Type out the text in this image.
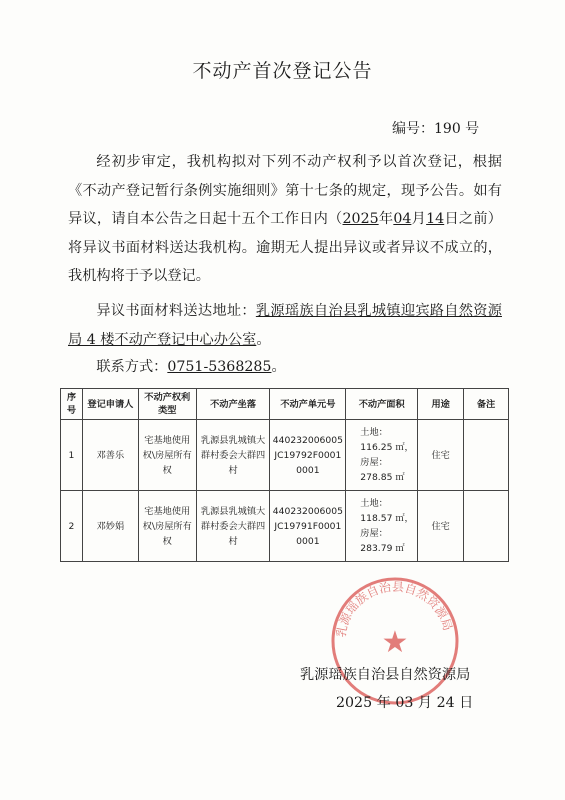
不动产首次登记公告
编号：190 号
经初步审定，我机构拟对下列不动产权利予以首次登记，根据《不动产登记暂行条例实施细则》第十七条的规定，现予公告。如有异议，请自本公告之日起十五个工作日内（2025年04月14日之前）将异议书面材料送达我机构。逾期无人提出异议或者异议不成立的，我机构将于予以登记。
异议书面材料送达地址：乳源瑶族自治县乳城镇迎宾路自然资源局 4 楼不动产登记中心办公室。
联系方式：0751-5368285。
序号	登记申请人	不动产权利 类型	不动产坐落	不动产单元号	不动产面积	用途	备注
1	邓善乐	宅基地使用权\房屋所有权	乳源县乳城镇大群村委会大群四村	440232006005JC19792F00010001	土地：
116.25 ㎡，
房屋：
278.85 ㎡	住宅	
2	邓妙娟	宅基地使用权\房屋所有权	乳源县乳城镇大群村委会大群四村	440232006005JC19791F00010001	土地：
118.57 ㎡，
房屋：
283.79 ㎡	住宅	
乳源瑶族自治县自然资源局
★
乳源瑶族自治县自然资源局
2025 年 03 月 24 日
